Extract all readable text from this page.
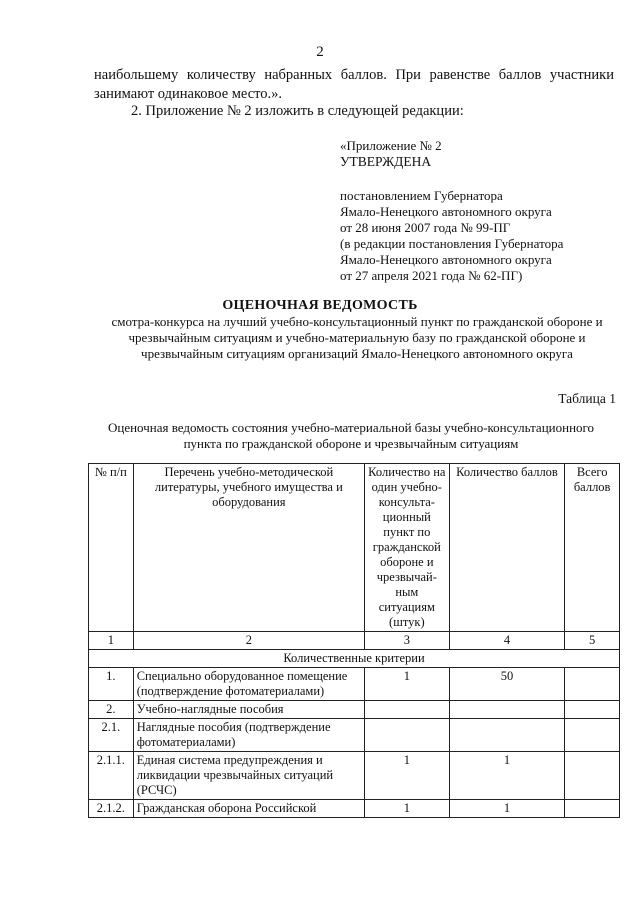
2
наибольшему количеству набранных баллов. При равенстве баллов участники занимают одинаковое место.».
2. Приложение № 2 изложить в следующей редакции:
«Приложение № 2
УТВЕРЖДЕНА
постановлением Губернатора
Ямало-Ненецкого автономного округа
от 28 июня 2007 года № 99-ПГ
(в редакции постановления Губернатора
Ямало-Ненецкого автономного округа
от 27 апреля 2021 года № 62-ПГ)
ОЦЕНОЧНАЯ ВЕДОМОСТЬ
смотра-конкурса на лучший учебно-консультационный пункт по гражданской обороне и чрезвычайным ситуациям и учебно-материальную базу по гражданской обороне и чрезвычайным ситуациям организаций Ямало-Ненецкого автономного округа
Таблица 1
Оценочная ведомость состояния учебно-материальной базы учебно-консультационного пункта по гражданской обороне и чрезвычайным ситуациям
№ п/п	Перечень учебно-методической литературы, учебного имущества и оборудования	Количество на один учебно-консульта-ционный пункт по гражданской обороне и чрезвычай-ным ситуациям (штук)	Количество баллов	Всего баллов
1	2	3	4	5
Количественные критерии				
1.	Специально оборудованное помещение (подтверждение фотоматериалами)	1	50	
2.	Учебно-наглядные пособия			
2.1.	Наглядные пособия (подтверждение фотоматериалами)			
2.1.1.	Единая система предупреждения и ликвидации чрезвычайных ситуаций (РСЧС)	1	1	
2.1.2.	Гражданская оборона Российской	1	1	
